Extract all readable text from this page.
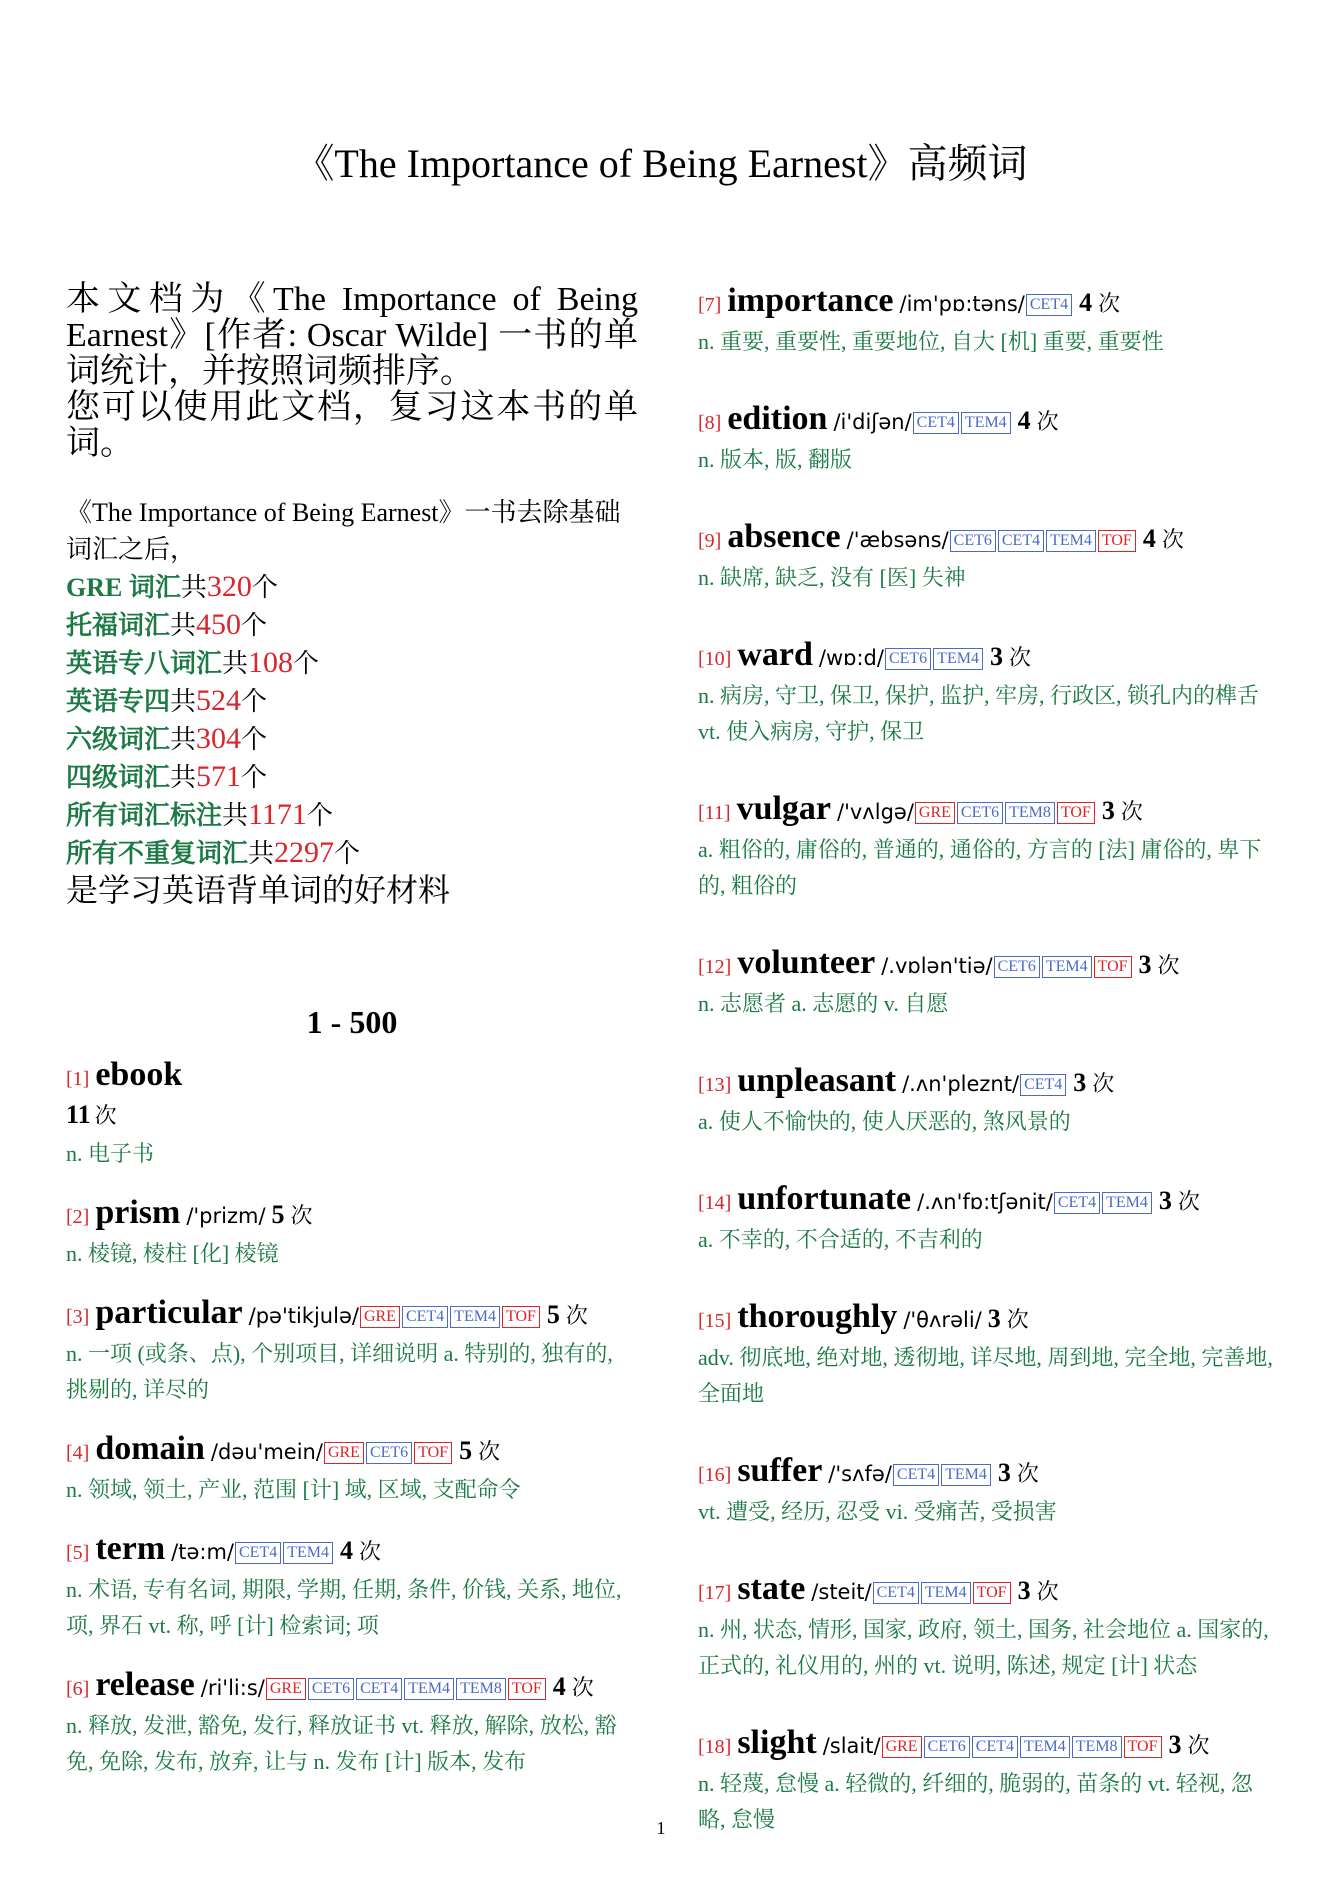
《The Importance of Being Earnest》高频词

本文档为《The Importance of Being Earnest》[作者: Oscar Wilde] 一书的单词统计，并按照词频排序。
您可以使用此文档，复习这本书的单词。

《The Importance of Being Earnest》一书去除基础词汇之后，
GRE 词汇共320个
托福词汇共450个
英语专八词汇共108个
英语专四共524个
六级词汇共304个
四级词汇共571个
所有词汇标注共1171个
所有不重复词汇共2297个
是学习英语背单词的好材料
1 - 500
[1] ebook
11 次
n. 电子书
[2] prism /'prizm/ 5 次
n. 棱镜, 棱柱 [化] 棱镜
[3] particular /pə'tikjulə/ GRE CET4 TEM4 TOF 5 次
n. 一项 (或条、点), 个别项目, 详细说明 a. 特别的, 独有的, 挑剔的, 详尽的
[4] domain /dəu'mein/ GRE CET6 TOF 5 次
n. 领域, 领土, 产业, 范围 [计] 域, 区域, 支配命令
[5] term /tə:m/ CET4 TEM4 4 次
n. 术语, 专有名词, 期限, 学期, 任期, 条件, 价钱, 关系, 地位, 项, 界石 vt. 称, 呼 [计] 检索词; 项
[6] release /ri'li:s/ GRE CET6 CET4 TEM4 TEM8 TOF 4 次
n. 释放, 发泄, 豁免, 发行, 释放证书 vt. 释放, 解除, 放松, 豁免, 免除, 发布, 放弃, 让与 n. 发布 [计] 版本, 发布
[7] importance /im'pɒ:təns/ CET4 4 次
n. 重要, 重要性, 重要地位, 自大 [机] 重要, 重要性
[8] edition /i'diʃən/ CET4 TEM4 4 次
n. 版本, 版, 翻版
[9] absence /'æbsəns/ CET6 CET4 TEM4 TOF 4 次
n. 缺席, 缺乏, 没有 [医] 失神
[10] ward /wɒ:d/ CET6 TEM4 3 次
n. 病房, 守卫, 保卫, 保护, 监护, 牢房, 行政区, 锁孔内的榫舌 vt. 使入病房, 守护, 保卫
[11] vulgar /'vʌlgə/ GRE CET6 TEM8 TOF 3 次
a. 粗俗的, 庸俗的, 普通的, 通俗的, 方言的 [法] 庸俗的, 卑下的, 粗俗的
[12] volunteer /.vɒlən'tiə/ CET6 TEM4 TOF 3 次
n. 志愿者 a. 志愿的 v. 自愿
[13] unpleasant /.ʌn'pleznt/ CET4 3 次
a. 使人不愉快的, 使人厌恶的, 煞风景的
[14] unfortunate /.ʌn'fɒ:tʃənit/ CET4 TEM4 3 次
a. 不幸的, 不合适的, 不吉利的
[15] thoroughly /'θʌrəli/ 3 次
adv. 彻底地, 绝对地, 透彻地, 详尽地, 周到地, 完全地, 完善地, 全面地
[16] suffer /'sʌfə/ CET4 TEM4 3 次
vt. 遭受, 经历, 忍受 vi. 受痛苦, 受损害
[17] state /steit/ CET4 TEM4 TOF 3 次
n. 州, 状态, 情形, 国家, 政府, 领土, 国务, 社会地位 a. 国家的, 正式的, 礼仪用的, 州的 vt. 说明, 陈述, 规定 [计] 状态
[18] slight /slait/ GRE CET6 CET4 TEM4 TEM8 TOF 3 次
n. 轻蔑, 怠慢 a. 轻微的, 纤细的, 脆弱的, 苗条的 vt. 轻视, 忽略, 怠慢
1
